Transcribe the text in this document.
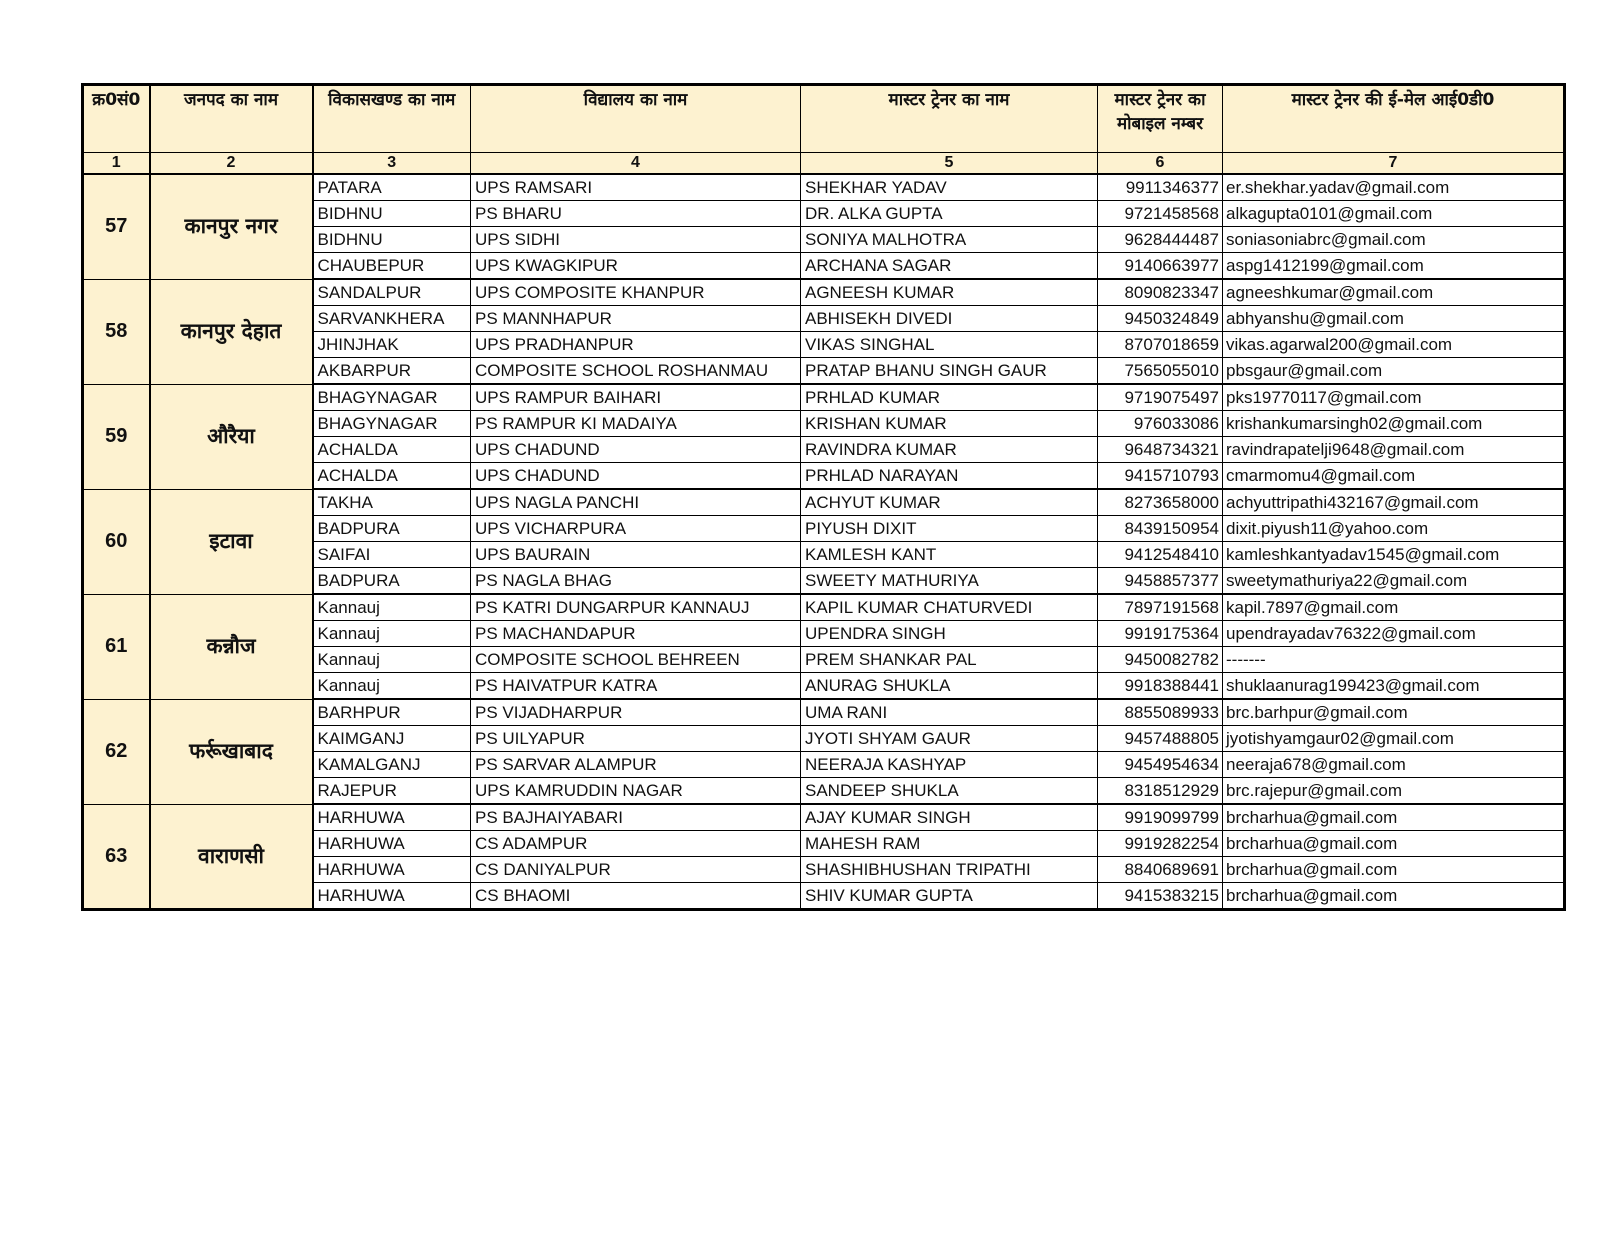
क्र0सं0	जनपद का नाम	विकासखण्ड का नाम	विद्यालय का नाम	मास्टर ट्रेनर का नाम	मास्टर ट्रेनर का मोबाइल नम्बर	मास्टर ट्रेनर की ई-मेल आई0डी0
1	2	3	4	5	6	7
57	कानपुर नगर	PATARA	UPS RAMSARI	SHEKHAR YADAV	9911346377	er.shekhar.yadav@gmail.com
		BIDHNU	PS BHARU	DR. ALKA GUPTA	9721458568	alkagupta0101@gmail.com
		BIDHNU	UPS SIDHI	SONIYA MALHOTRA	9628444487	soniasoniabrc@gmail.com
		CHAUBEPUR	UPS KWAGKIPUR	ARCHANA SAGAR	9140663977	aspg1412199@gmail.com
58	कानपुर देहात	SANDALPUR	UPS COMPOSITE KHANPUR	AGNEESH KUMAR	8090823347	agneeshkumar@gmail.com
		SARVANKHERA	PS MANNHAPUR	ABHISEKH DIVEDI	9450324849	abhyanshu@gmail.com
		JHINJHAK	UPS PRADHANPUR	VIKAS SINGHAL	8707018659	vikas.agarwal200@gmail.com
		AKBARPUR	COMPOSITE SCHOOL ROSHANMAU	PRATAP BHANU SINGH GAUR	7565055010	pbsgaur@gmail.com
59	औरैया	BHAGYNAGAR	UPS RAMPUR BAIHARI	PRHLAD KUMAR	9719075497	pks19770117@gmail.com
		BHAGYNAGAR	PS RAMPUR KI MADAIYA	KRISHAN KUMAR	976033086	krishankumarsingh02@gmail.com
		ACHALDA	UPS CHADUND	RAVINDRA KUMAR	9648734321	ravindrapatelji9648@gmail.com
		ACHALDA	UPS CHADUND	PRHLAD NARAYAN	9415710793	cmarmomu4@gmail.com
60	इटावा	TAKHA	UPS NAGLA PANCHI	ACHYUT KUMAR	8273658000	achyuttripathi432167@gmail.com
		BADPURA	UPS VICHARPURA	PIYUSH DIXIT	8439150954	dixit.piyush11@yahoo.com
		SAIFAI	UPS BAURAIN	KAMLESH KANT	9412548410	kamleshkantyadav1545@gmail.com
		BADPURA	PS NAGLA BHAG	SWEETY MATHURIYA	9458857377	sweetymathuriya22@gmail.com
61	कन्नौज	Kannauj	PS KATRI DUNGARPUR KANNAUJ	KAPIL KUMAR CHATURVEDI	7897191568	kapil.7897@gmail.com
		Kannauj	PS MACHANDAPUR	UPENDRA SINGH	9919175364	upendrayadav76322@gmail.com
		Kannauj	COMPOSITE SCHOOL BEHREEN	PREM SHANKAR PAL	9450082782	-------
		Kannauj	PS HAIVATPUR KATRA	ANURAG SHUKLA	9918388441	shuklaanurag199423@gmail.com
62	फर्रूखाबाद	BARHPUR	PS VIJADHARPUR	UMA RANI	8855089933	brc.barhpur@gmail.com
		KAIMGANJ	PS UILYAPUR	JYOTI SHYAM GAUR	9457488805	jyotishyamgaur02@gmail.com
		KAMALGANJ	PS SARVAR ALAMPUR	NEERAJA KASHYAP	9454954634	neeraja678@gmail.com
		RAJEPUR	UPS KAMRUDDIN NAGAR	SANDEEP SHUKLA	8318512929	brc.rajepur@gmail.com
63	वाराणसी	HARHUWA	PS BAJHAIYABARI	AJAY KUMAR SINGH	9919099799	brcharhua@gmail.com
		HARHUWA	CS ADAMPUR	MAHESH RAM	9919282254	brcharhua@gmail.com
		HARHUWA	CS DANIYALPUR	SHASHIBHUSHAN TRIPATHI	8840689691	brcharhua@gmail.com
		HARHUWA	CS BHAOMI	SHIV KUMAR GUPTA	9415383215	brcharhua@gmail.com
